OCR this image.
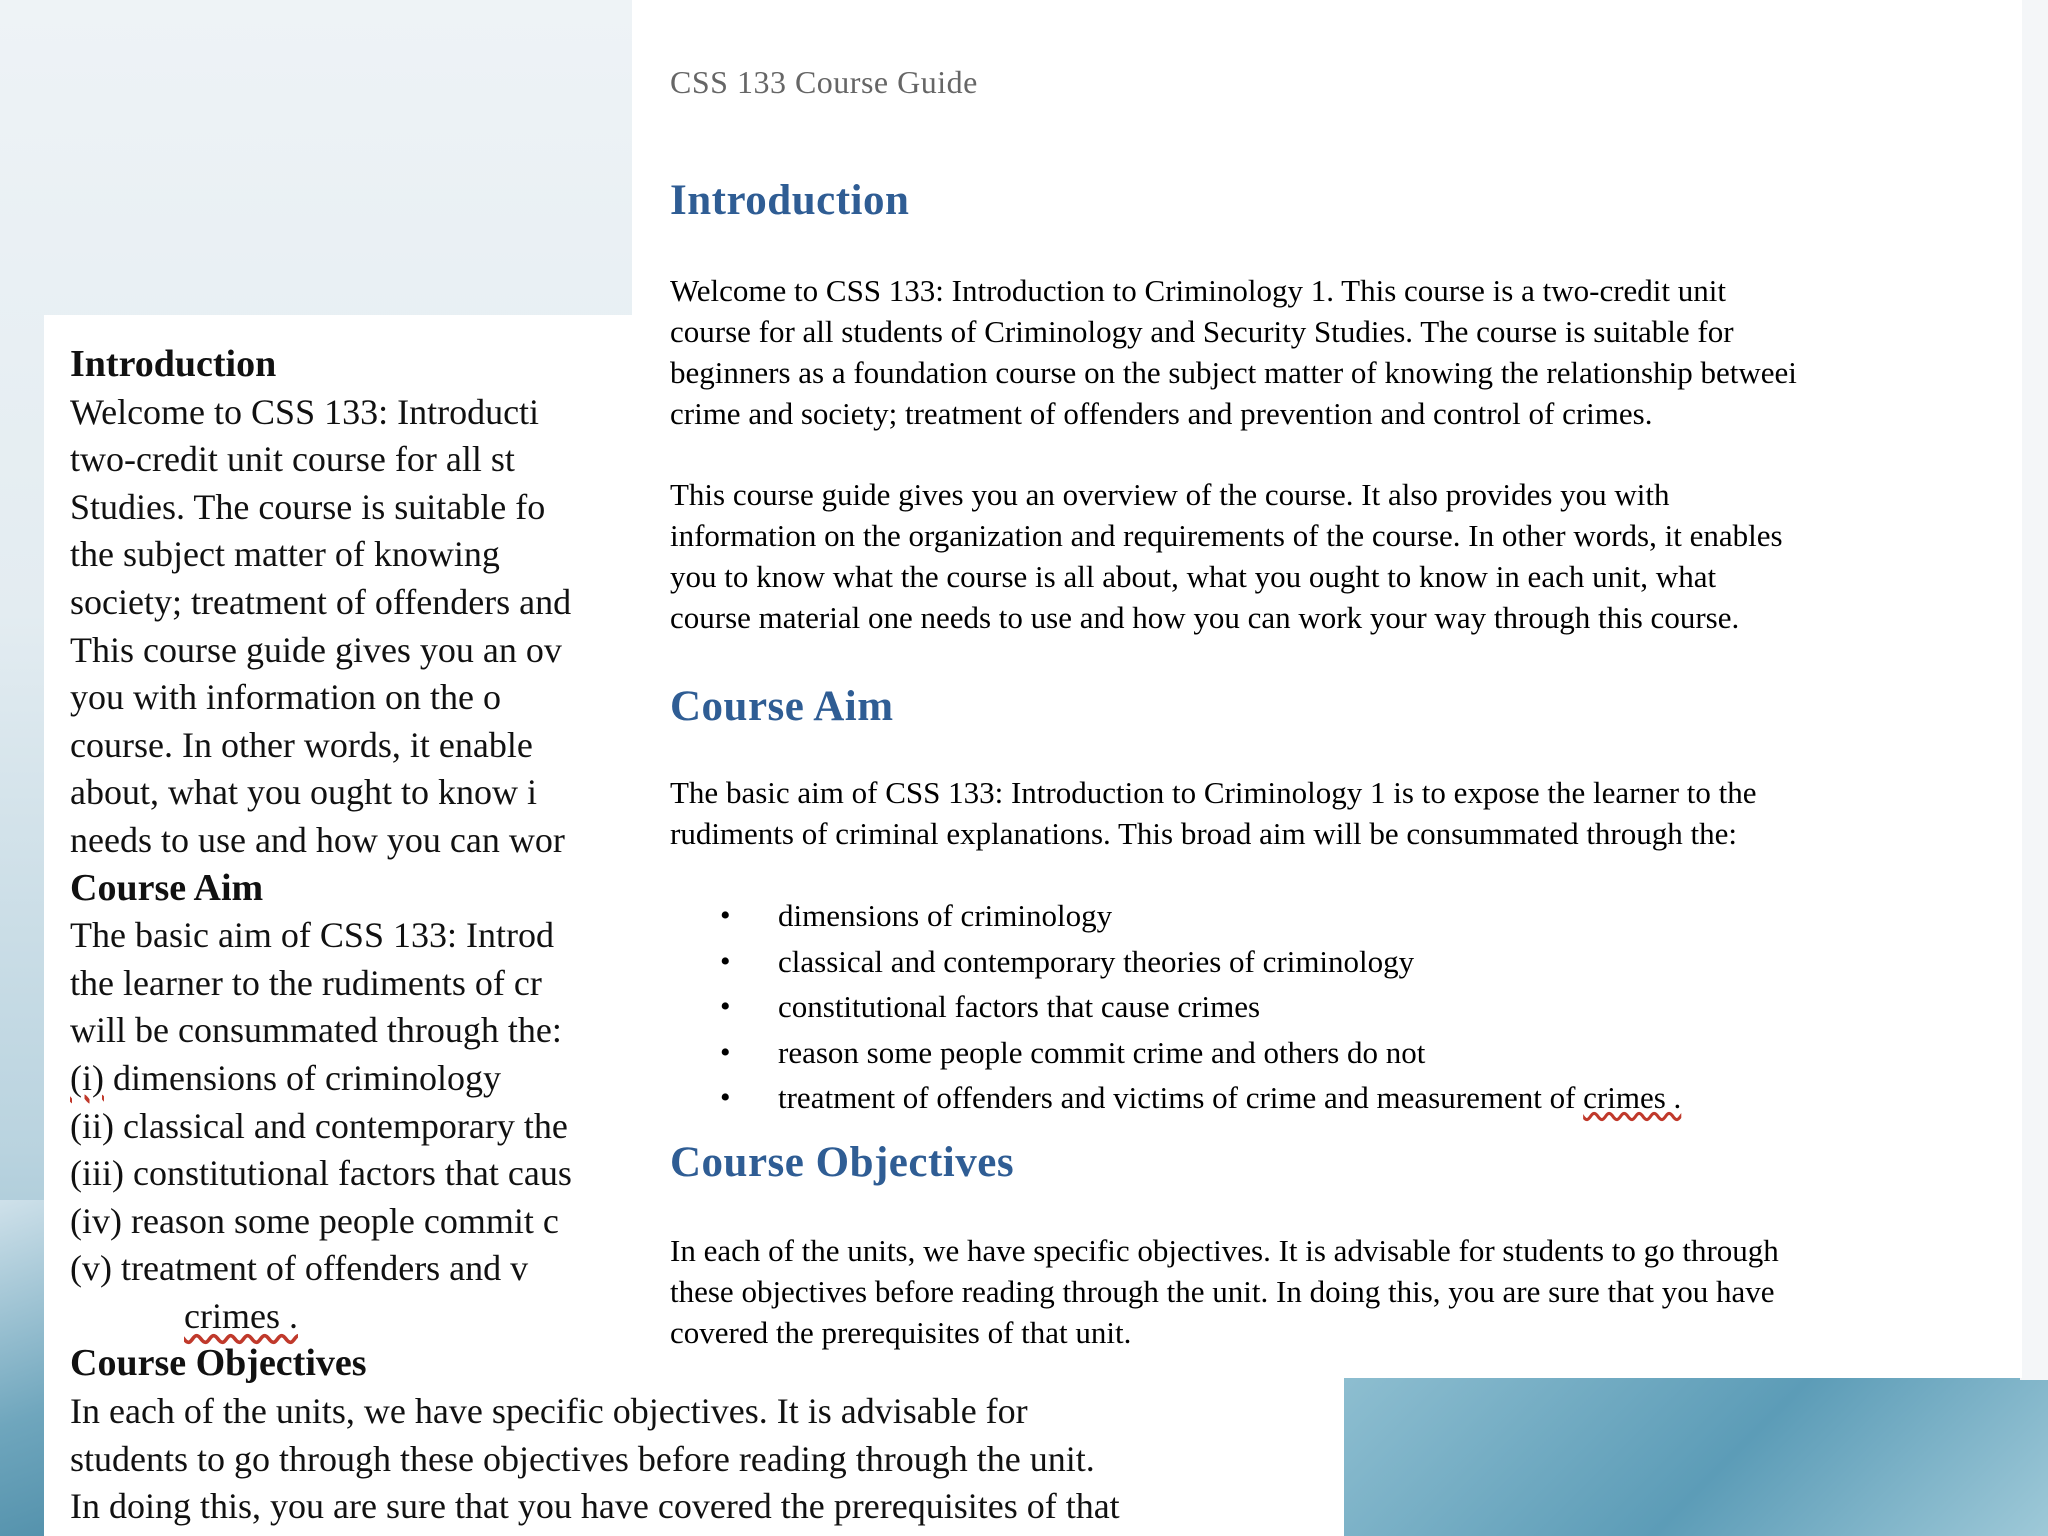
Introduction

Welcome to CSS 133: Introducti

two-credit unit course for all st

Studies. The course is suitable fo

the subject matter of knowing

society; treatment of offenders and

This course guide gives you an ov

you with information on the o

course. In other words, it enable

about, what you ought to know i

needs to use and how you can wor

Course Aim

The basic aim of CSS 133: Introd

the learner to the rudiments of cr

will be consummated through the:

(i) dimensions of criminology

(ii) classical and contemporary the

(iii) constitutional factors that caus

(iv) reason some people commit c

(v) treatment of offenders and v

crimes .

Course Objectives

In each of the units, we have specific objectives. It is advisable for

students to go through these objectives before reading through the unit.

In doing this, you are sure that you have covered the prerequisites of that

CSS 133 Course Guide
Introduction
Welcome to CSS 133: Introduction to Criminology 1. This course is a two-credit unit
course for all students of Criminology and Security Studies. The course is suitable for
beginners as a foundation course on the subject matter of knowing the relationship betweei
crime and society; treatment of offenders and prevention and control of crimes.
This course guide gives you an overview of the course. It also provides you with
information on the organization and requirements of the course. In other words, it enables
you to know what the course is all about, what you ought to know in each unit, what
course material one needs to use and how you can work your way through this course.
Course Aim
The basic aim of CSS 133: Introduction to Criminology 1 is to expose the learner to the
rudiments of criminal explanations. This broad aim will be consummated through the:
• dimensions of criminology
• classical and contemporary theories of criminology
• constitutional factors that cause crimes
• reason some people commit crime and others do not
• treatment of offenders and victims of crime and measurement of crimes .
Course Objectives
In each of the units, we have specific objectives. It is advisable for students to go through
these objectives before reading through the unit. In doing this, you are sure that you have
covered the prerequisites of that unit.
